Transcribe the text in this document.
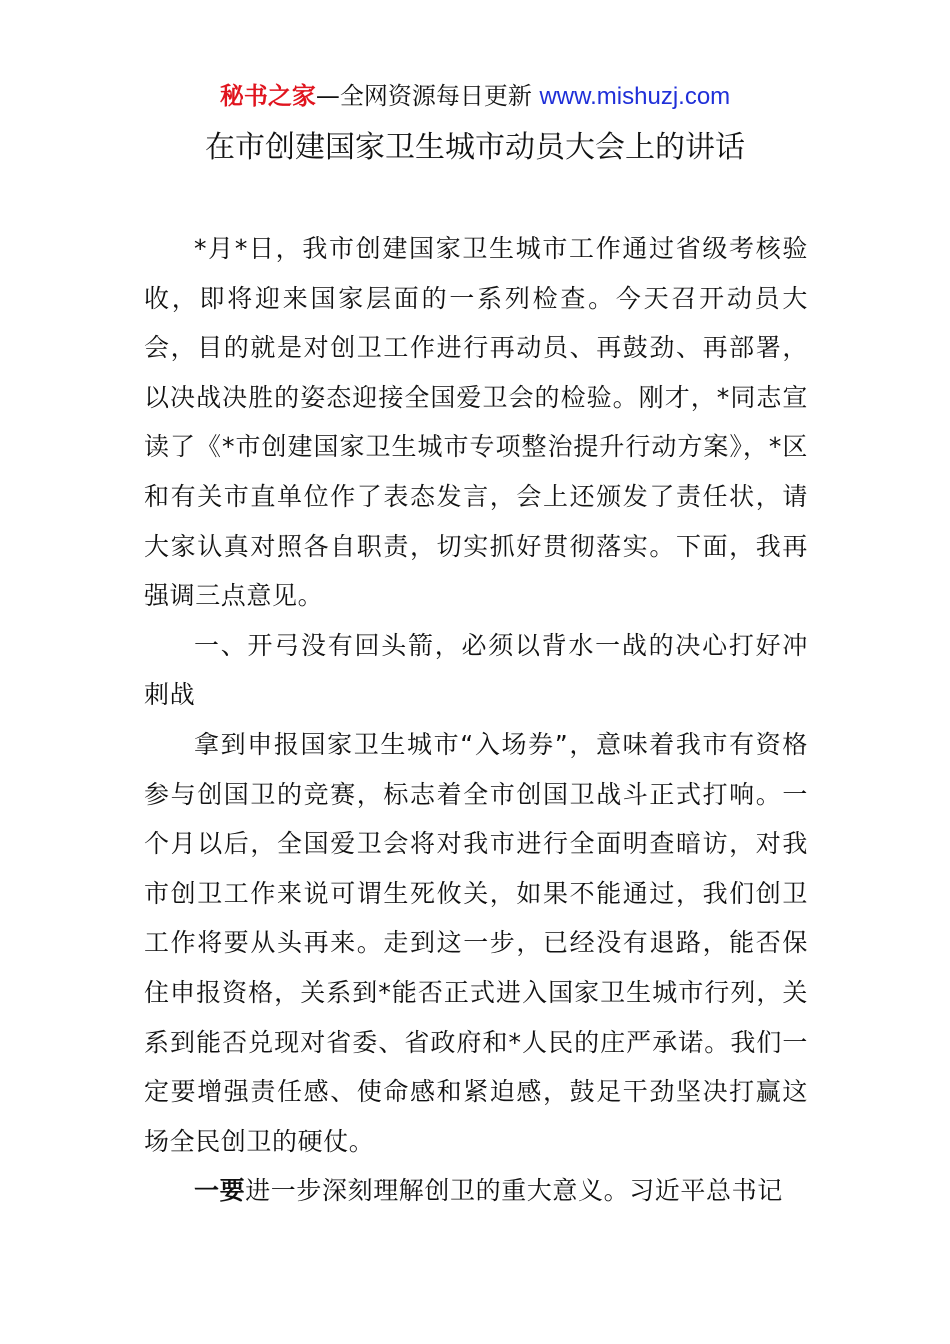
秘书之家—全网资源每日更新 www.mishuzj.com
在市创建国家卫生城市动员大会上的讲话

*月*日，我市创建国家卫生城市工作通过省级考核验收，即将迎来国家层面的一系列检查。今天召开动员大会，目的就是对创卫工作进行再动员、再鼓劲、再部署，以决战决胜的姿态迎接全国爱卫会的检验。刚才，*同志宣读了《*市创建国家卫生城市专项整治提升行动方案》，*区和有关市直单位作了表态发言，会上还颁发了责任状，请大家认真对照各自职责，切实抓好贯彻落实。下面，我再强调三点意见。

一、开弓没有回头箭，必须以背水一战的决心打好冲刺战

拿到申报国家卫生城市“入场券”，意味着我市有资格参与创国卫的竞赛，标志着全市创国卫战斗正式打响。一个月以后，全国爱卫会将对我市进行全面明查暗访，对我市创卫工作来说可谓生死攸关，如果不能通过，我们创卫工作将要从头再来。走到这一步，已经没有退路，能否保住申报资格，关系到*能否正式进入国家卫生城市行列，关系到能否兑现对省委、省政府和*人民的庄严承诺。我们一定要增强责任感、使命感和紧迫感，鼓足干劲坚决打赢这场全民创卫的硬仗。

一要进一步深刻理解创卫的重大意义。习近平总书记
